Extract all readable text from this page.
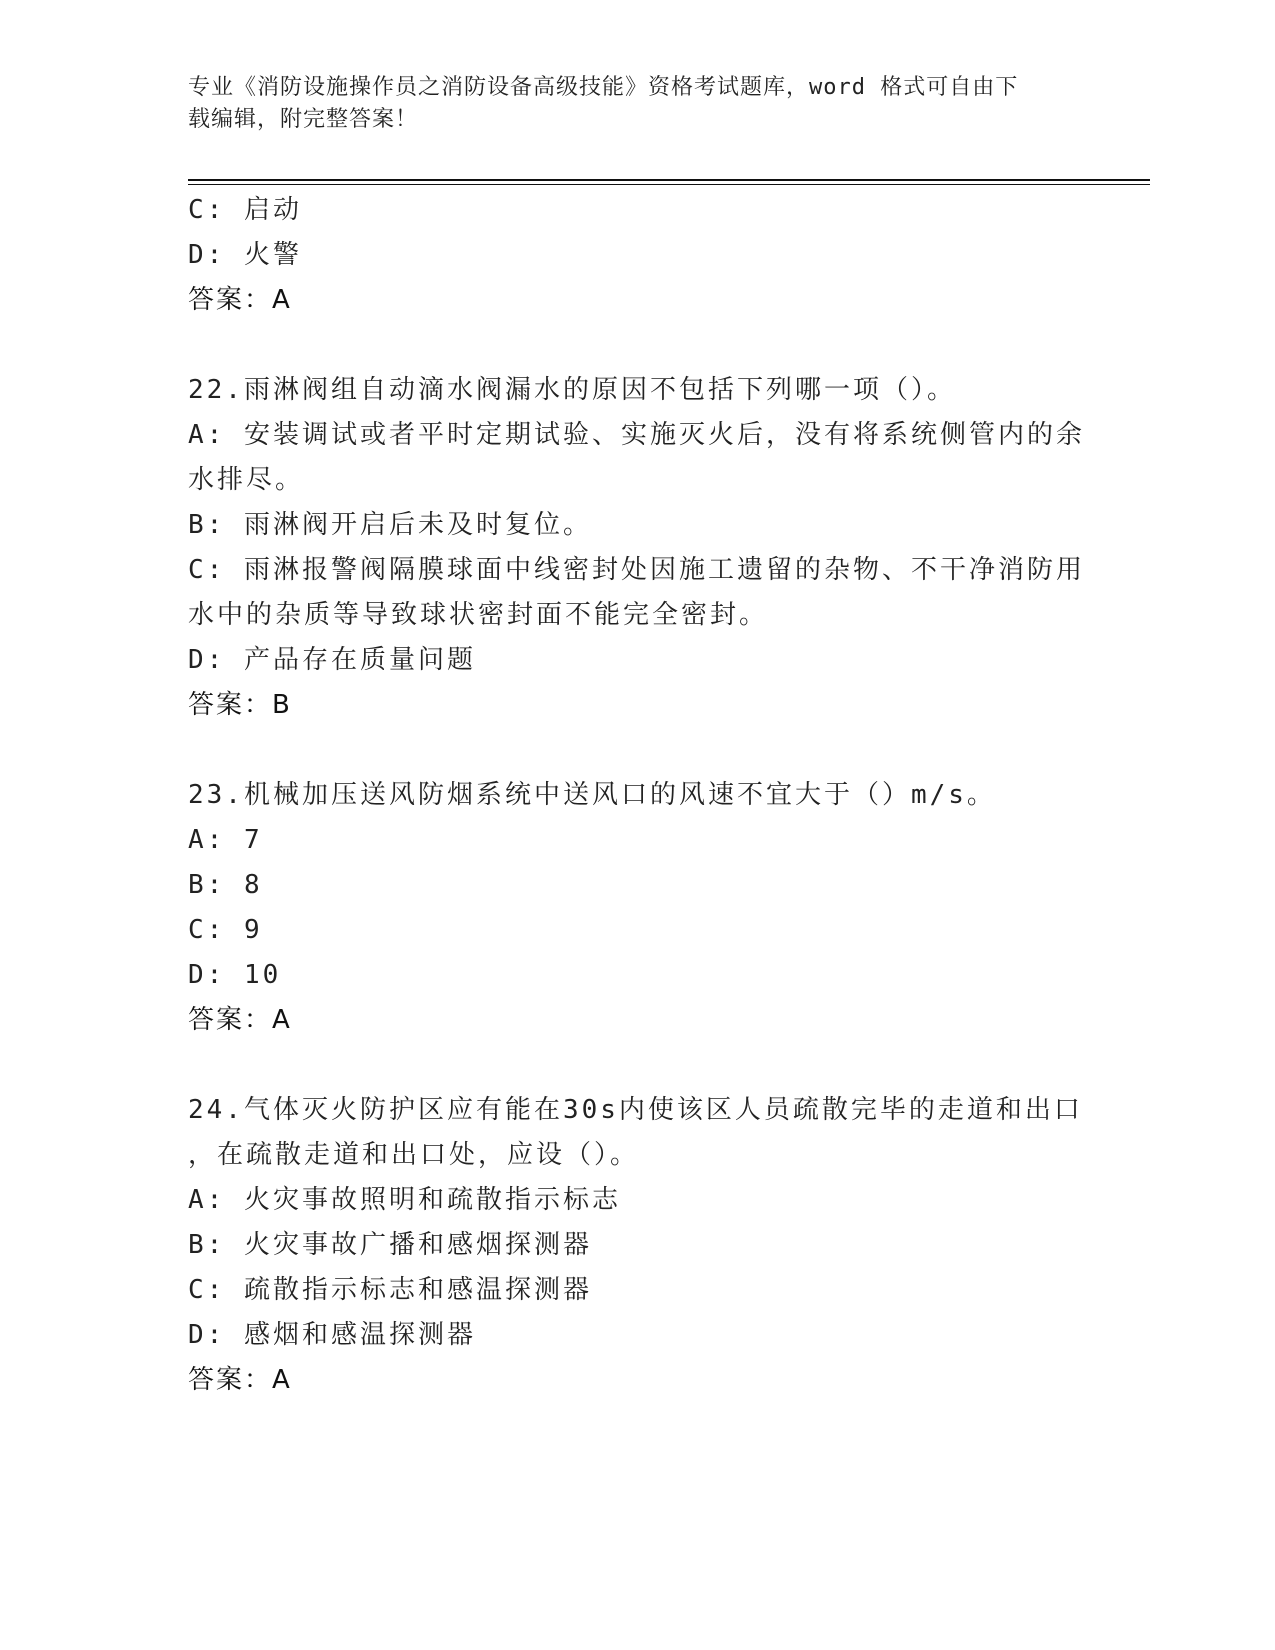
专业《消防设施操作员之消防设备高级技能》资格考试题库，word 格式可自由下
载编辑，附完整答案！
C: 启动
D: 火警
答案：A
22.雨淋阀组自动滴水阀漏水的原因不包括下列哪一项（）。
A: 安装调试或者平时定期试验、实施灭火后，没有将系统侧管内的余
水排尽。
B: 雨淋阀开启后未及时复位。
C: 雨淋报警阀隔膜球面中线密封处因施工遗留的杂物、不干净消防用
水中的杂质等导致球状密封面不能完全密封。
D: 产品存在质量问题
答案：B
23.机械加压送风防烟系统中送风口的风速不宜大于（）m/s。
A: 7
B: 8
C: 9
D: 10
答案：A
24.气体灭火防护区应有能在30s内使该区人员疏散完毕的走道和出口
，在疏散走道和出口处，应设（）。
A: 火灾事故照明和疏散指示标志
B: 火灾事故广播和感烟探测器
C: 疏散指示标志和感温探测器
D: 感烟和感温探测器
答案：A
